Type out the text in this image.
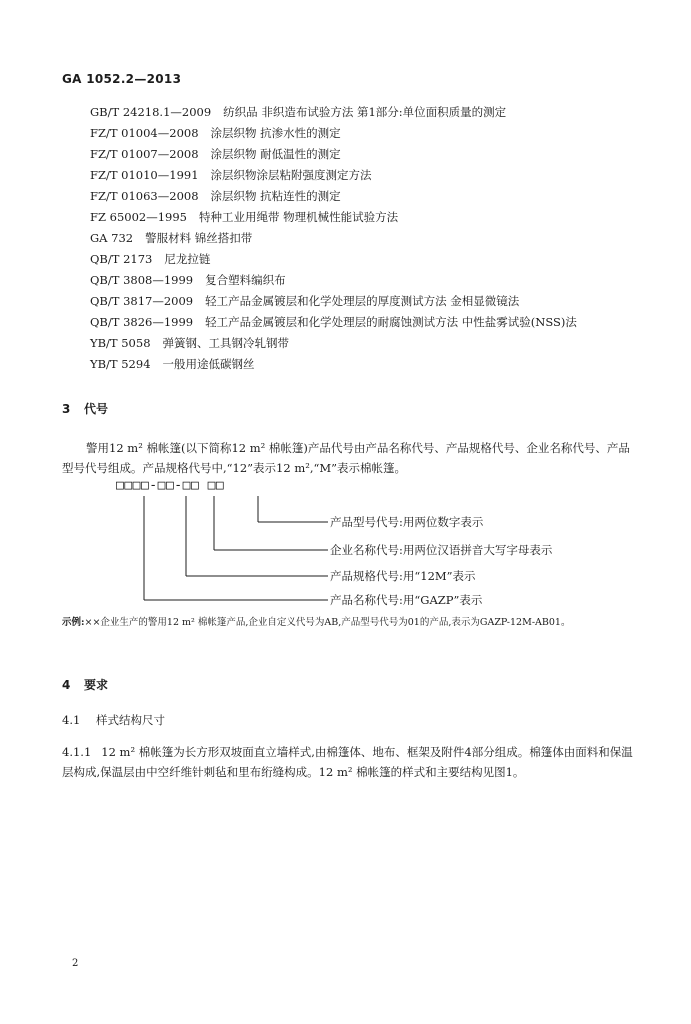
GA 1052.2—2013
GB/T 24218.1—2009 纺织品 非织造布试验方法 第1部分:单位面积质量的测定
FZ/T 01004—2008 涂层织物 抗渗水性的测定
FZ/T 01007—2008 涂层织物 耐低温性的测定
FZ/T 01010—1991 涂层织物涂层粘附强度测定方法
FZ/T 01063—2008 涂层织物 抗粘连性的测定
FZ 65002—1995 特种工业用绳带 物理机械性能试验方法
GA 732 警服材料 锦丝搭扣带
QB/T 2173 尼龙拉链
QB/T 3808—1999 复合塑料编织布
QB/T 3817—2009 轻工产品金属镀层和化学处理层的厚度测试方法 金相显微镜法
QB/T 3826—1999 轻工产品金属镀层和化学处理层的耐腐蚀测试方法 中性盐雾试验(NSS)法
YB/T 5058 弹簧钢、工具钢冷轧钢带
YB/T 5294 一般用途低碳钢丝
3 代号

警用12 m² 棉帐篷(以下简称12 m² 棉帐篷)产品代号由产品名称代号、产品规格代号、企业名称代号、产品型号代号组成。产品规格代号中,“12”表示12 m²,“M”表示棉帐篷。

□□□□-□□-□□ □□
产品型号代号:用两位数字表示
企业名称代号:用两位汉语拼音大写字母表示
产品规格代号:用“12M”表示
产品名称代号:用“GAZP”表示

示例:××企业生产的警用12 m² 棉帐篷产品,企业自定义代号为AB,产品型号代号为01的产品,表示为GAZP-12M-AB01。

4 要求
4.1 样式结构尺寸

4.1.1 12 m² 棉帐篷为长方形双坡面直立墙样式,由棉篷体、地布、框架及附件4部分组成。棉篷体由面料和保温层构成,保温层由中空纤维针刺毡和里布绗缝构成。12 m² 棉帐篷的样式和主要结构见图1。

2
